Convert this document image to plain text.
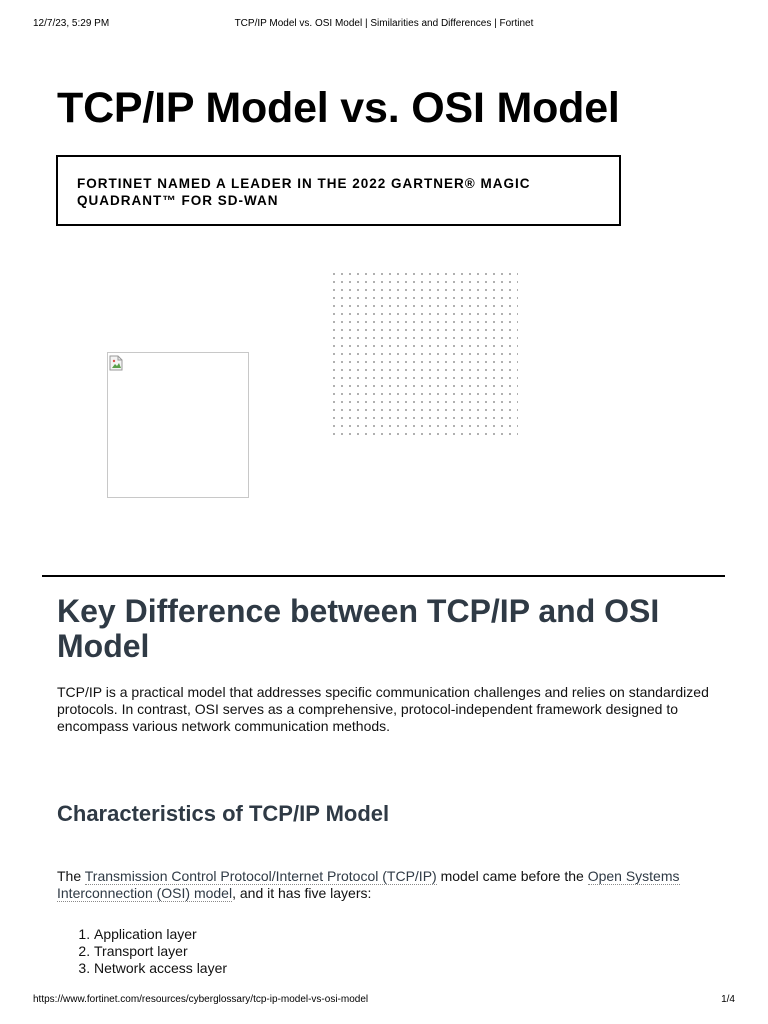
12/7/23, 5:29 PM	TCP/IP Model vs. OSI Model | Similarities and Differences | Fortinet
TCP/IP Model vs. OSI Model
FORTINET NAMED A LEADER IN THE 2022 GARTNER® MAGIC QUADRANT™ FOR SD-WAN
Key Difference between TCP/IP and OSI Model

TCP/IP is a practical model that addresses specific communication challenges and relies on standardized protocols. In contrast, OSI serves as a comprehensive, protocol-independent framework designed to encompass various network communication methods.

Characteristics of TCP/IP Model

The Transmission Control Protocol/Internet Protocol (TCP/IP) model came before the Open Systems Interconnection (OSI) model, and it has five layers:

1. Application layer
2. Transport layer
3. Network access layer
https://www.fortinet.com/resources/cyberglossary/tcp-ip-model-vs-osi-model	1/4
